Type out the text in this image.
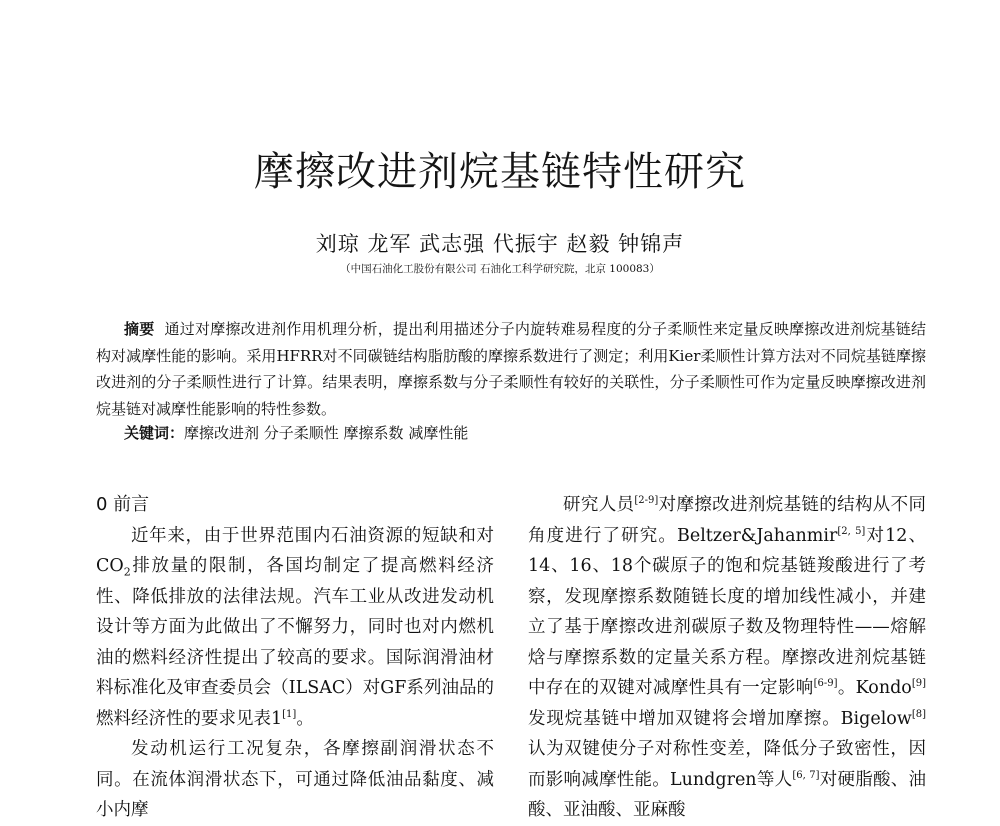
摩擦改进剂烷基链特性研究
刘琼 龙军 武志强 代振宇 赵毅 钟锦声
（中国石油化工股份有限公司 石油化工科学研究院，北京 100083）

摘要 通过对摩擦改进剂作用机理分析，提出利用描述分子内旋转难易程度的分子柔顺性来定量反映摩擦改进剂烷基链结构对减摩性能的影响。采用HFRR对不同碳链结构脂肪酸的摩擦系数进行了测定；利用Kier柔顺性计算方法对不同烷基链摩擦改进剂的分子柔顺性进行了计算。结果表明，摩擦系数与分子柔顺性有较好的关联性，分子柔顺性可作为定量反映摩擦改进剂烷基链对减摩性能影响的特性参数。

关键词：摩擦改进剂 分子柔顺性 摩擦系数 减摩性能
0 前言

近年来，由于世界范围内石油资源的短缺和对$CO_2$排放量的限制，各国均制定了提高燃料经济性、降低排放的法律法规。汽车工业从改进发动机设计等方面为此做出了不懈努力，同时也对内燃机油的燃料经济性提出了较高的要求。国际润滑油材料标准化及审查委员会（ILSAC）对GF系列油品的燃料经济性的要求见表1[1]。

发动机运行工况复杂，各摩擦副润滑状态不同。在流体润滑状态下，可通过降低油品黏度、减小内摩

研究人员[2-9]对摩擦改进剂烷基链的结构从不同角度进行了研究。Beltzer&Jahanmir[2, 5]对12、14、16、18个碳原子的饱和烷基链羧酸进行了考察，发现摩擦系数随链长度的增加线性减小，并建立了基于摩擦改进剂碳原子数及物理特性——熔解焓与摩擦系数的定量关系方程。摩擦改进剂烷基链中存在的双键对减摩性具有一定影响[6-9]。Kondo[9]发现烷基链中增加双键将会增加摩擦。Bigelow[8]认为双键使分子对称性变差，降低分子致密性，因而影响减摩性能。Lundgren等人[6, 7]对硬脂酸、油酸、亚油酸、亚麻酸
